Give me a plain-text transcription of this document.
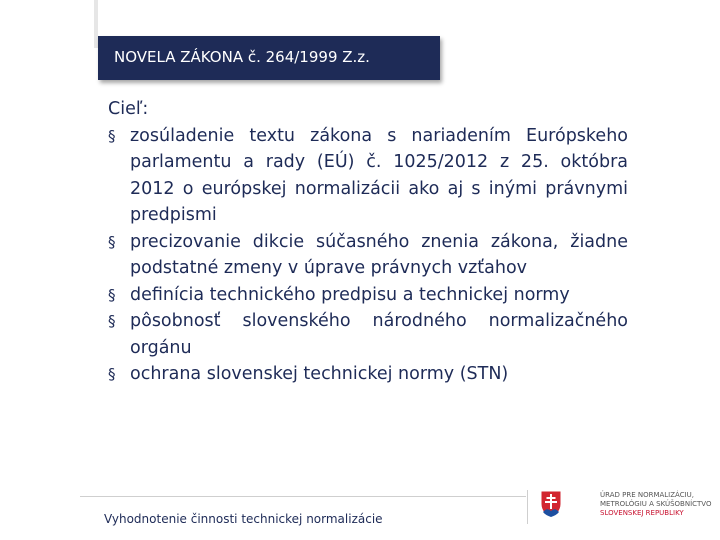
NOVELA ZÁKONA č. 264/1999 Z.z.

Cieľ:

§ zosúladenie textu zákona s nariadením Európskeho parlamentu a rady (EÚ) č. 1025/2012 z 25. októbra 2012 o európskej normalizácii ako aj s inými právnymi predpismi
§ precizovanie dikcie súčasného znenia zákona, žiadne podstatné zmeny v úprave právnych vzťahov
§ definícia technického predpisu a technickej normy
§ pôsobnosť slovenského národného normalizačného orgánu
§ ochrana slovenskej technickej normy (STN)
Vyhodnotenie činnosti technickej normalizácie
ÚRAD PRE NORMALIZÁCIU,
METROLÓGIU A SKÚŠOBNÍCTVO
SLOVENSKEJ REPUBLIKY
